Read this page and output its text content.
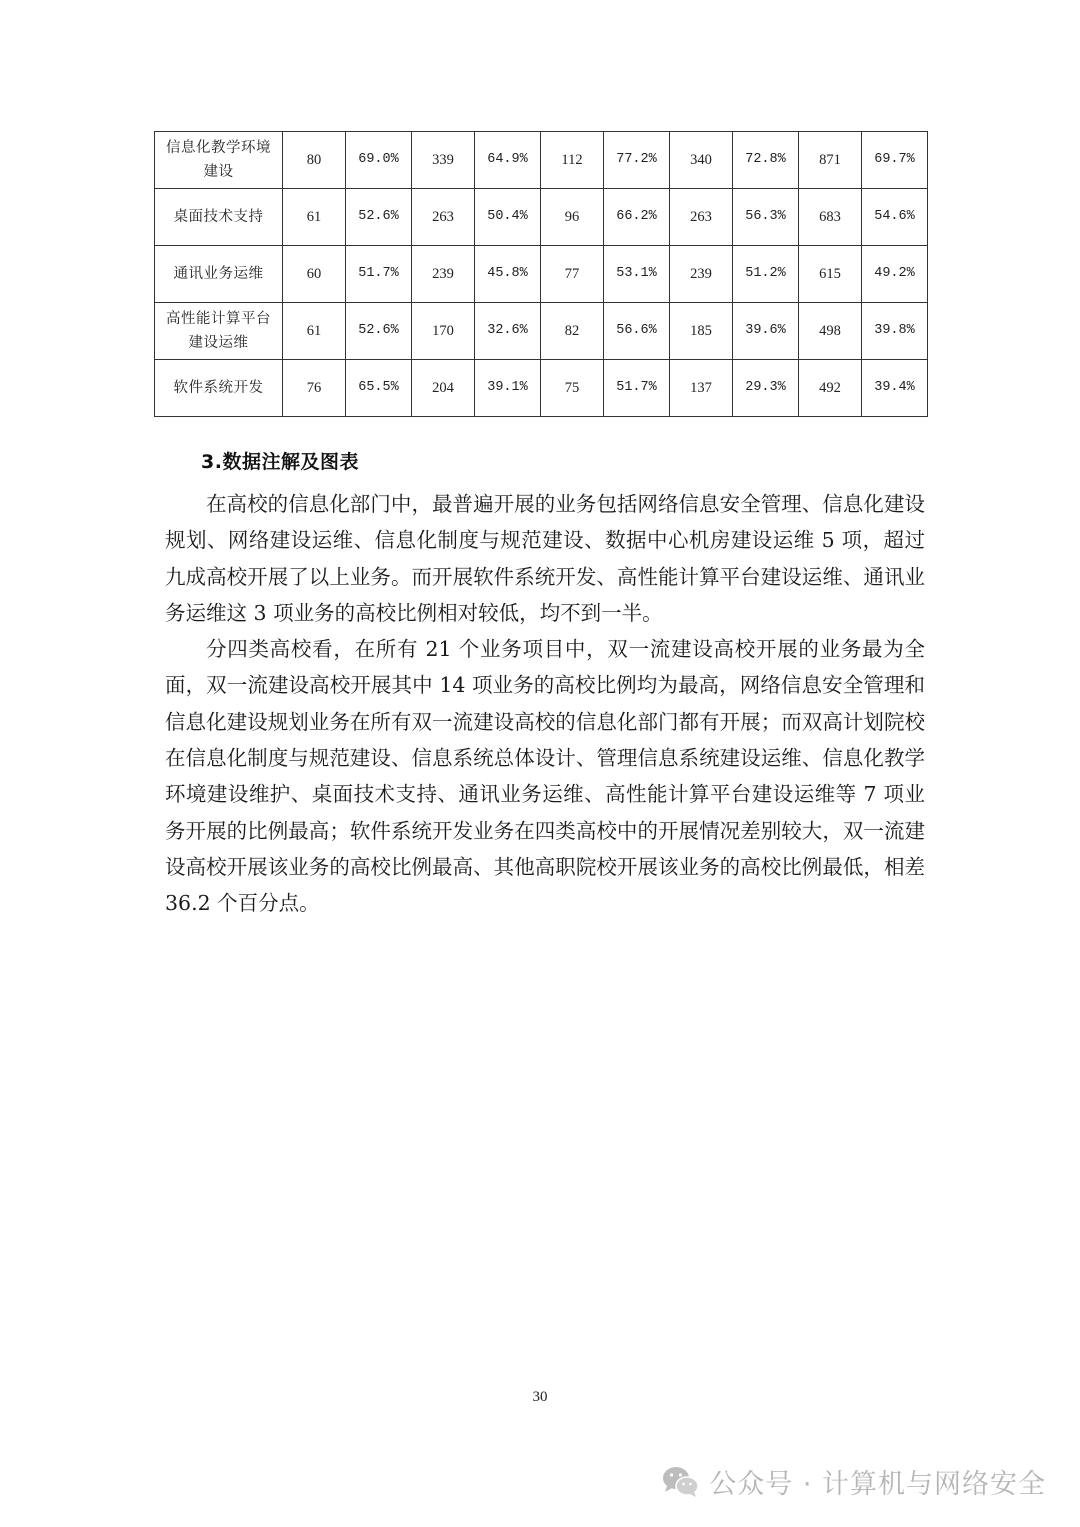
信息化教学环境建设	80	69.0%	339	64.9%	112	77.2%	340	72.8%	871	69.7%
桌面技术支持	61	52.6%	263	50.4%	96	66.2%	263	56.3%	683	54.6%
通讯业务运维	60	51.7%	239	45.8%	77	53.1%	239	51.2%	615	49.2%
高性能计算平台建设运维	61	52.6%	170	32.6%	82	56.6%	185	39.6%	498	39.8%
软件系统开发	76	65.5%	204	39.1%	75	51.7%	137	29.3%	492	39.4%
3.数据注解及图表

在高校的信息化部门中，最普遍开展的业务包括网络信息安全管理、信息化建设规划、网络建设运维、信息化制度与规范建设、数据中心机房建设运维 5 项，超过九成高校开展了以上业务。而开展软件系统开发、高性能计算平台建设运维、通讯业务运维这 3 项业务的高校比例相对较低，均不到一半。

分四类高校看，在所有 21 个业务项目中，双一流建设高校开展的业务最为全面，双一流建设高校开展其中 14 项业务的高校比例均为最高，网络信息安全管理和信息化建设规划业务在所有双一流建设高校的信息化部门都有开展；而双高计划院校在信息化制度与规范建设、信息系统总体设计、管理信息系统建设运维、信息化教学环境建设维护、桌面技术支持、通讯业务运维、高性能计算平台建设运维等 7 项业务开展的比例最高；软件系统开发业务在四类高校中的开展情况差别较大，双一流建设高校开展该业务的高校比例最高、其他高职院校开展该业务的高校比例最低，相差 36.2 个百分点。

30
公众号 · 计算机与网络安全
